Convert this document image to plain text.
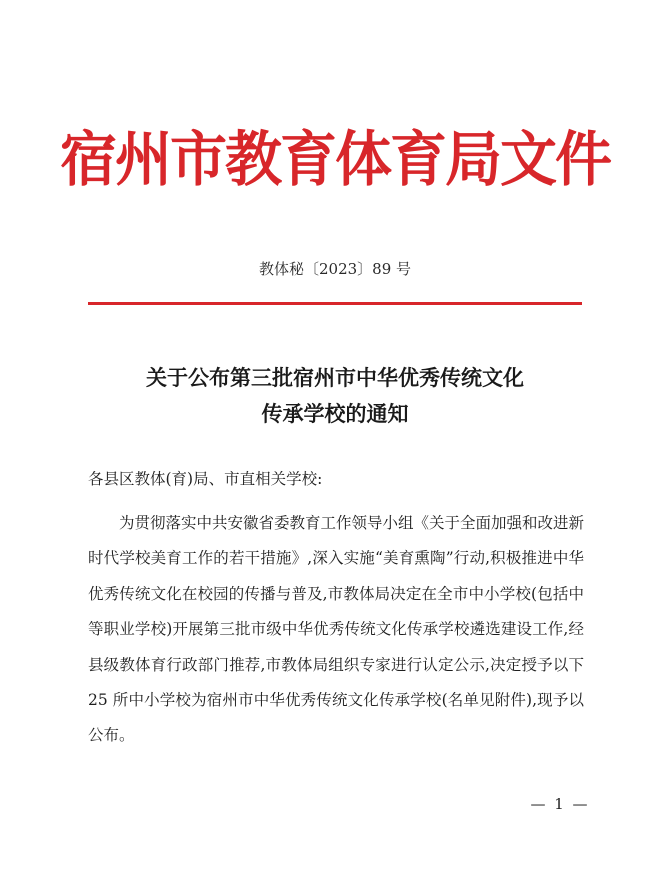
宿州市教育体育局文件
教体秘〔2023〕89 号
关于公布第三批宿州市中华优秀传统文化
传承学校的通知
各县区教体(育)局、市直相关学校:
为贯彻落实中共安徽省委教育工作领导小组《关于全面加强和改进新时代学校美育工作的若干措施》,深入实施“美育熏陶”行动,积极推进中华优秀传统文化在校园的传播与普及,市教体局决定在全市中小学校(包括中等职业学校)开展第三批市级中华优秀传统文化传承学校遴选建设工作,经县级教体育行政部门推荐,市教体局组织专家进行认定公示,决定授予以下 25 所中小学校为宿州市中华优秀传统文化传承学校(名单见附件),现予以公布。
— 1 —
